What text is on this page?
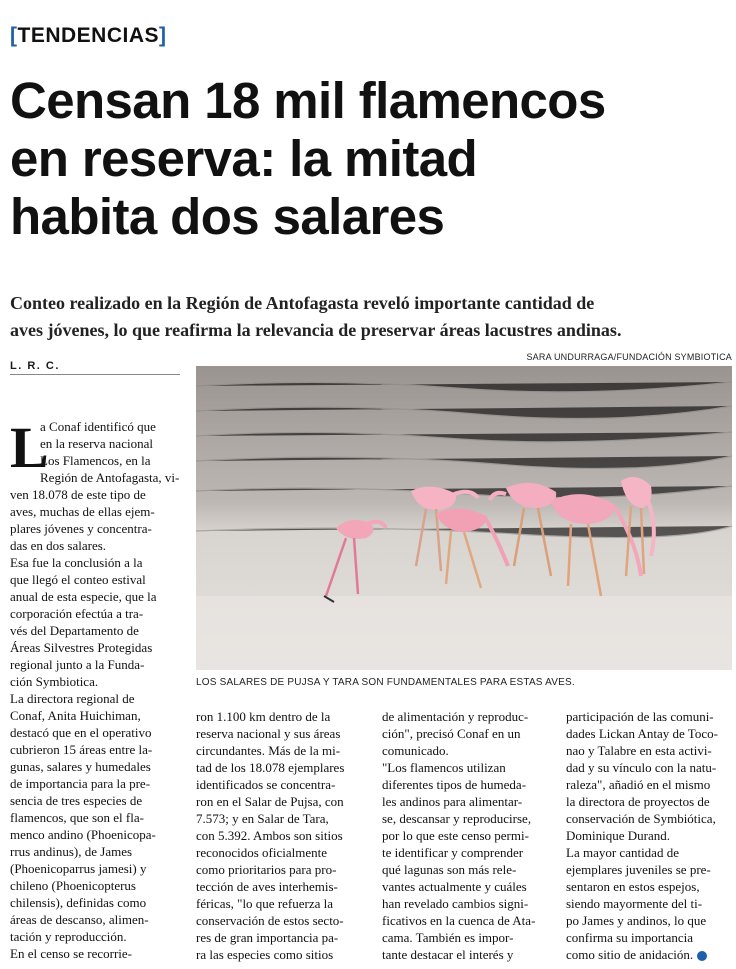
[TENDENCIAS]
Censan 18 mil flamencos
en reserva: la mitad
habita dos salares
Conteo realizado en la Región de Antofagasta reveló importante cantidad de
aves jóvenes, lo que reafirma la relevancia de preservar áreas lacustres andinas.
L. R. C.
SARA UNDURRAGA/FUNDACIÓN SYMBIOTICA
LOS SALARES DE PUJSA Y TARA SON FUNDAMENTALES PARA ESTAS AVES.
L
a Conaf identificó que
en la reserva nacional
Los Flamencos, en la
Región de Antofagasta, vi-
ven 18.078 de este tipo de
aves, muchas de ellas ejem-
plares jóvenes y concentra-
das en dos salares.
Esa fue la conclusión a la
que llegó el conteo estival
anual de esta especie, que la
corporación efectúa a tra-
vés del Departamento de
Áreas Silvestres Protegidas
regional junto a la Funda-
ción Symbiotica.
La directora regional de
Conaf, Anita Huichiman,
destacó que en el operativo
cubrieron 15 áreas entre la-
gunas, salares y humedales
de importancia para la pre-
sencia de tres especies de
flamencos, que son el fla-
menco andino (Phoenicopa-
rrus andinus), de James
(Phoenicoparrus jamesi) y
chileno (Phoenicopterus
chilensis), definidas como
áreas de descanso, alimen-
tación y reproducción.
En el censo se recorrie-
ron 1.100 km dentro de la
reserva nacional y sus áreas
circundantes. Más de la mi-
tad de los 18.078 ejemplares
identificados se concentra-
ron en el Salar de Pujsa, con
7.573; y en Salar de Tara,
con 5.392. Ambos son sitios
reconocidos oficialmente
como prioritarios para pro-
tección de aves interhemis-
féricas, "lo que refuerza la
conservación de estos secto-
res de gran importancia pa-
ra las especies como sitios
de alimentación y reproduc-
ción", precisó Conaf en un
comunicado.
"Los flamencos utilizan
diferentes tipos de humeda-
les andinos para alimentar-
se, descansar y reproducirse,
por lo que este censo permi-
te identificar y comprender
qué lagunas son más rele-
vantes actualmente y cuáles
han revelado cambios signi-
ficativos en la cuenca de Ata-
cama. También es impor-
tante destacar el interés y
participación de las comuni-
dades Lickan Antay de Toco-
nao y Talabre en esta activi-
dad y su vínculo con la natu-
raleza", añadió en el mismo
la directora de proyectos de
conservación de Symbiótica,
Dominique Durand.
La mayor cantidad de
ejemplares juveniles se pre-
sentaron en estos espejos,
siendo mayormente del ti-
po James y andinos, lo que
confirma su importancia
como sitio de anidación.
